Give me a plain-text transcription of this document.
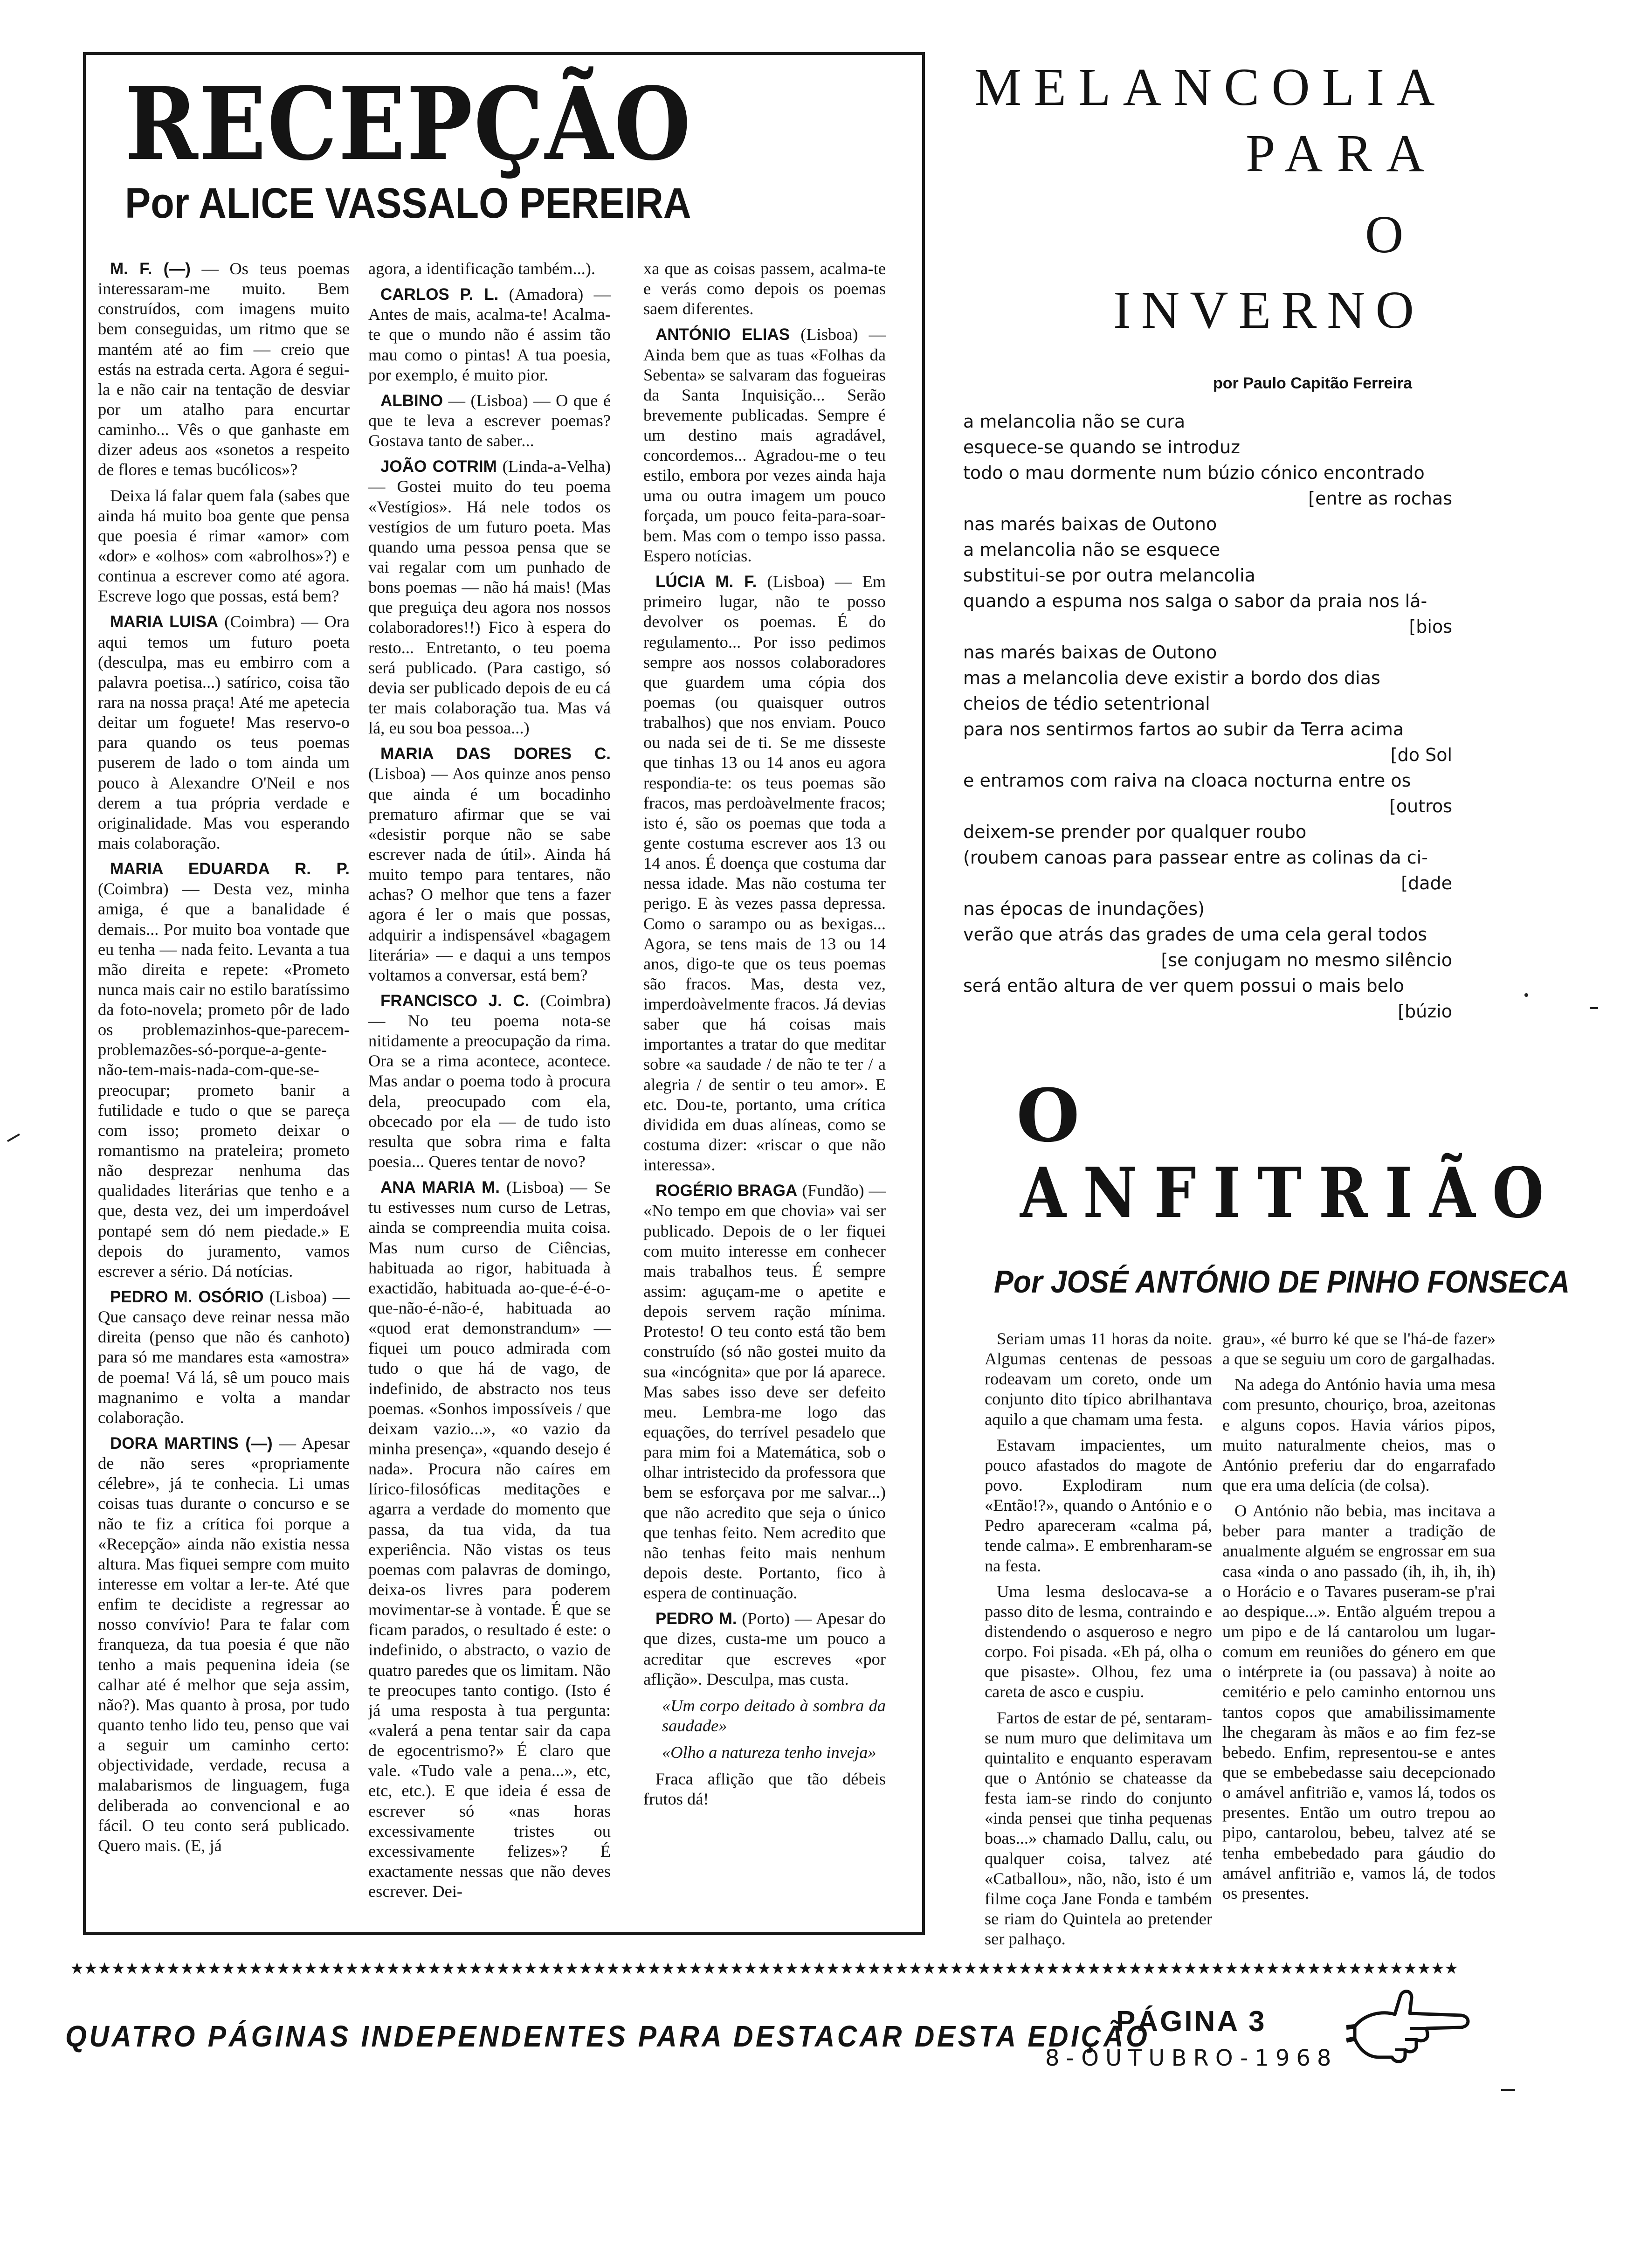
RECEPÇÃO
Por ALICE VASSALO PEREIRA

M. F. (—) — Os teus poemas interessaram-me muito. Bem construídos, com imagens muito bem conseguidas, um ritmo que se mantém até ao fim — creio que estás na estrada certa. Agora é segui-la e não cair na tentação de desviar por um atalho para encurtar caminho... Vês o que ganhaste em dizer adeus aos «sonetos a respeito de flores e temas bucólicos»?

Deixa lá falar quem fala (sabes que ainda há muito boa gente que pensa que poesia é rimar «amor» com «dor» e «olhos» com «abrolhos»?) e continua a escrever como até agora. Escreve logo que possas, está bem?

MARIA LUISA (Coimbra) — Ora aqui temos um futuro poeta (desculpa, mas eu embirro com a palavra poetisa...) satírico, coisa tão rara na nossa praça! Até me apetecia deitar um foguete! Mas reservo-o para quando os teus poemas puserem de lado o tom ainda um pouco à Alexandre O'Neil e nos derem a tua própria verdade e originalidade. Mas vou esperando mais colaboração.

MARIA EDUARDA R. P. (Coimbra) — Desta vez, minha amiga, é que a banalidade é demais... Por muito boa vontade que eu tenha — nada feito. Levanta a tua mão direita e repete: «Prometo nunca mais cair no estilo baratíssimo da foto-novela; prometo pôr de lado os problemazinhos-que-parecem-problemazões-só-porque-a-gente-não-tem-mais-nada-com-que-se-preocupar; prometo banir a futilidade e tudo o que se pareça com isso; prometo deixar o romantismo na prateleira; prometo não desprezar nenhuma das qualidades literárias que tenho e a que, desta vez, dei um imperdoável pontapé sem dó nem piedade.» E depois do juramento, vamos escrever a sério. Dá notícias.

PEDRO M. OSÓRIO (Lisboa) — Que cansaço deve reinar nessa mão direita (penso que não és canhoto) para só me mandares esta «amostra» de poema! Vá lá, sê um pouco mais magnanimo e volta a mandar colaboração.

DORA MARTINS (—) — Apesar de não seres «propriamente célebre», já te conhecia. Li umas coisas tuas durante o concurso e se não te fiz a crítica foi porque a «Recepção» ainda não existia nessa altura. Mas fiquei sempre com muito interesse em voltar a ler-te. Até que enfim te decidiste a regressar ao nosso convívio! Para te falar com franqueza, da tua poesia é que não tenho a mais pequenina ideia (se calhar até é melhor que seja assim, não?). Mas quanto à prosa, por tudo quanto tenho lido teu, penso que vai a seguir um caminho certo: objectividade, verdade, recusa a malabarismos de linguagem, fuga deliberada ao convencional e ao fácil. O teu conto será publicado. Quero mais. (E, já

agora, a identificação também...).

CARLOS P. L. (Amadora) — Antes de mais, acalma-te! Acalma-te que o mundo não é assim tão mau como o pintas! A tua poesia, por exemplo, é muito pior.

ALBINO — (Lisboa) — O que é que te leva a escrever poemas? Gostava tanto de saber...

JOÃO COTRIM (Linda-a-Velha) — Gostei muito do teu poema «Vestígios». Há nele todos os vestígios de um futuro poeta. Mas quando uma pessoa pensa que se vai regalar com um punhado de bons poemas — não há mais! (Mas que preguiça deu agora nos nossos colaboradores!!) Fico à espera do resto... Entretanto, o teu poema será publicado. (Para castigo, só devia ser publicado depois de eu cá ter mais colaboração tua. Mas vá lá, eu sou boa pessoa...)

MARIA DAS DORES C. (Lisboa) — Aos quinze anos penso que ainda é um bocadinho prematuro afirmar que se vai «desistir porque não se sabe escrever nada de útil». Ainda há muito tempo para tentares, não achas? O melhor que tens a fazer agora é ler o mais que possas, adquirir a indispensável «bagagem literária» — e daqui a uns tempos voltamos a conversar, está bem?

FRANCISCO J. C. (Coimbra) — No teu poema nota-se nitidamente a preocupação da rima. Ora se a rima acontece, acontece. Mas andar o poema todo à procura dela, preocupado com ela, obcecado por ela — de tudo isto resulta que sobra rima e falta poesia... Queres tentar de novo?

ANA MARIA M. (Lisboa) — Se tu estivesses num curso de Letras, ainda se compreendia muita coisa. Mas num curso de Ciências, habituada ao rigor, habituada à exactidão, habituada ao-que-é-é-o-que-não-é-não-é, habituada ao «quod erat demonstrandum» — fiquei um pouco admirada com tudo o que há de vago, de indefinido, de abstracto nos teus poemas. «Sonhos impossíveis / que deixam vazio...», «o vazio da minha presença», «quando desejo é nada». Procura não caíres em lírico-filosóficas meditações e agarra a verdade do momento que passa, da tua vida, da tua experiência. Não vistas os teus poemas com palavras de domingo, deixa-os livres para poderem movimentar-se à vontade. É que se ficam parados, o resultado é este: o indefinido, o abstracto, o vazio de quatro paredes que os limitam. Não te preocupes tanto contigo. (Isto é já uma resposta à tua pergunta: «valerá a pena tentar sair da capa de egocentrismo?» É claro que vale. «Tudo vale a pena...», etc, etc, etc.). E que ideia é essa de escrever só «nas horas excessivamente tristes ou excessivamente felizes»? É exactamente nessas que não deves escrever. Dei-

xa que as coisas passem, acalma-te e verás como depois os poemas saem diferentes.

ANTÓNIO ELIAS (Lisboa) — Ainda bem que as tuas «Folhas da Sebenta» se salvaram das fogueiras da Santa Inquisição... Serão brevemente publicadas. Sempre é um destino mais agradável, concordemos... Agradou-me o teu estilo, embora por vezes ainda haja uma ou outra imagem um pouco forçada, um pouco feita-para-soar-bem. Mas com o tempo isso passa. Espero notícias.

LÚCIA M. F. (Lisboa) — Em primeiro lugar, não te posso devolver os poemas. É do regulamento... Por isso pedimos sempre aos nossos colaboradores que guardem uma cópia dos poemas (ou quaisquer outros trabalhos) que nos enviam. Pouco ou nada sei de ti. Se me disseste que tinhas 13 ou 14 anos eu agora respondia-te: os teus poemas são fracos, mas perdoàvelmente fracos; isto é, são os poemas que toda a gente costuma escrever aos 13 ou 14 anos. É doença que costuma dar nessa idade. Mas não costuma ter perigo. E às vezes passa depressa. Como o sarampo ou as bexigas... Agora, se tens mais de 13 ou 14 anos, digo-te que os teus poemas são fracos. Mas, desta vez, imperdoàvelmente fracos. Já devias saber que há coisas mais importantes a tratar do que meditar sobre «a saudade / de não te ter / a alegria / de sentir o teu amor». E etc. Dou-te, portanto, uma crítica dividida em duas alíneas, como se costuma dizer: «riscar o que não interessa».

ROGÉRIO BRAGA (Fundão) — «No tempo em que chovia» vai ser publicado. Depois de o ler fiquei com muito interesse em conhecer mais trabalhos teus. É sempre assim: aguçam-me o apetite e depois servem ração mínima. Protesto! O teu conto está tão bem construído (só não gostei muito da sua «incógnita» que por lá aparece. Mas sabes isso deve ser defeito meu. Lembra-me logo das equações, do terrível pesadelo que para mim foi a Matemática, sob o olhar intristecido da professora que bem se esforçava por me salvar...) que não acredito que seja o único que tenhas feito. Nem acredito que não tenhas feito mais nenhum depois deste. Portanto, fico à espera de continuação.

PEDRO M. (Porto) — Apesar do que dizes, custa-me um pouco a acreditar que escreves «por aflição». Desculpa, mas custa.

«Um corpo deitado à sombra da saudade»
«Olho a natureza tenho inveja»

Fraca aflição que tão débeis frutos dá!

MELANCOLIA
PARA
O
INVERNO
por Paulo Capitão Ferreira
a melancolia não se cura
esquece-se quando se introduz
todo o mau dormente num búzio cónico encontrado
[entre as rochas
nas marés baixas de Outono
a melancolia não se esquece
substitui-se por outra melancolia
quando a espuma nos salga o sabor da praia nos lá-
[bios
nas marés baixas de Outono
mas a melancolia deve existir a bordo dos dias
cheios de tédio setentrional
para nos sentirmos fartos ao subir da Terra acima
[do Sol
e entramos com raiva na cloaca nocturna entre os
[outros
deixem-se prender por qualquer roubo
(roubem canoas para passear entre as colinas da ci-
[dade
nas épocas de inundações)
verão que atrás das grades de uma cela geral todos
[se conjugam no mesmo silêncio
será então altura de ver quem possui o mais belo
[búzio
O
ANFITRIÃO
Por JOSÉ ANTÓNIO DE PINHO FONSECA

Seriam umas 11 horas da noite. Algumas centenas de pessoas rodeavam um coreto, onde um conjunto dito típico abrilhantava aquilo a que chamam uma festa.

Estavam impacientes, um pouco afastados do magote de povo. Explodiram num «Então!?», quando o António e o Pedro apareceram «calma pá, tende calma». E embrenharam-se na festa.

Uma lesma deslocava-se a passo dito de lesma, contraindo e distendendo o asqueroso e negro corpo. Foi pisada. «Eh pá, olha o que pisaste». Olhou, fez uma careta de asco e cuspiu.

Fartos de estar de pé, sentaram-se num muro que delimitava um quintalito e enquanto esperavam que o António se chateasse da festa iam-se rindo do conjunto «inda pensei que tinha pequenas boas...» chamado Dallu, calu, ou qualquer coisa, talvez até «Catballou», não, não, isto é um filme coça Jane Fonda e também se riam do Quintela ao pretender ser palhaço.

grau», «é burro ké que se l'há-de fazer» a que se seguiu um coro de gargalhadas.

Na adega do António havia uma mesa com presunto, chouriço, broa, azeitonas e alguns copos. Havia vários pipos, muito naturalmente cheios, mas o António preferiu dar do engarrafado que era uma delícia (de colsa).

O António não bebia, mas incitava a beber para manter a tradição de anualmente alguém se engrossar em sua casa «inda o ano passado (ih, ih, ih, ih) o Horácio e o Tavares puseram-se p'rai ao despique...». Então alguém trepou a um pipo e de lá cantarolou um lugar-comum em reuniões do género em que o intérprete ia (ou passava) à noite ao cemitério e pelo caminho entornou uns tantos copos que amabilissimamente lhe chegaram às mãos e ao fim fez-se bebedo. Enfim, representou-se e antes que se embebedasse saiu decepcionado o amável anfitrião e, vamos lá, todos os presentes. Então um outro trepou ao pipo, cantarolou, bebeu, talvez até se tenha embebedado para gáudio do amável anfitrião e, vamos lá, de todos os presentes.

★★★★★★★★★★★★★★★★★★★★★★★★★★★★★★★★★★★★★★★★★★★★★★★★★★★★★★★★★★★★★★★★★★★★★★★★★★★★★★★★★★★★★★★★★★★★★★★★★★★★★
QUATRO PÁGINAS INDEPENDENTES PARA DESTACAR DESTA EDIÇÃO
PÁGINA 3
8-OUTUBRO-1968
